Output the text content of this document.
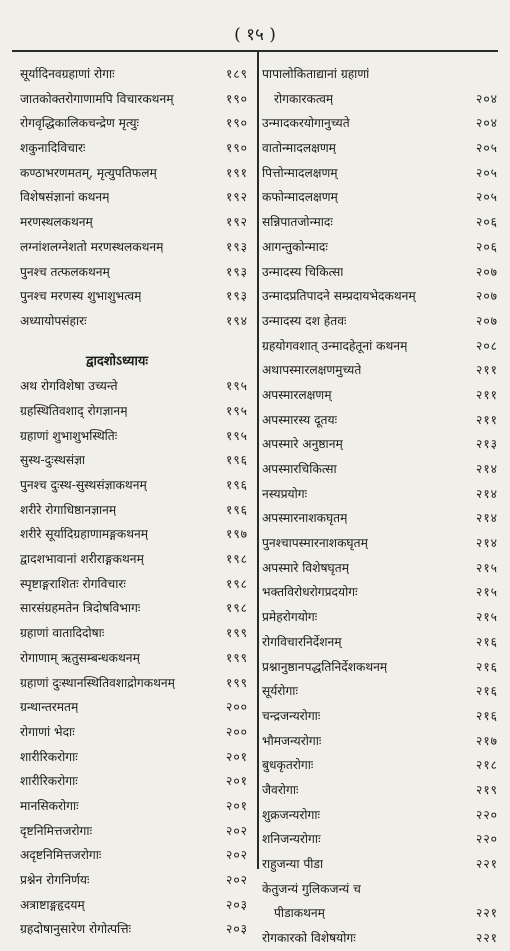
( १५ )
सूर्यादिनवग्रहाणां रोगाः	१८९
जातकोक्तरोगाणामपि विचारकथनम्	१९०
रोगवृद्धिकालिकचन्द्रेण मृत्युः	१९०
शकुनादिविचारः	१९०
कण्ठाभरणमतम्, मृत्युपतिफलम्	१९१
विशेषसंज्ञानां कथनम्	१९२
मरणस्थलकथनम्	१९२
लग्नांशलग्नेशतो मरणस्थलकथनम्	१९३
पुनश्च तत्फलकथनम्	१९३
पुनश्च मरणस्य शुभाशुभत्वम्	१९३
अध्यायोपसंहारः	१९४
द्वादशोऽध्यायः
अथ रोगविशेषा उच्यन्ते	१९५
ग्रहस्थितिवशाद् रोगज्ञानम्	१९५
ग्रहाणां शुभाशुभस्थितिः	१९५
सुस्थ-दुःस्थसंज्ञा	१९६
पुनश्च दुःस्थ-सुस्थसंज्ञाकथनम्	१९६
शरीरे रोगाधिष्ठानज्ञानम्	१९६
शरीरे सूर्यादिग्रहाणामङ्गकथनम्	१९७
द्वादशभावानां शरीराङ्गकथनम्	१९८
स्पृष्टाङ्गराशितः रोगविचारः	१९८
सारसंग्रहमतेन त्रिदोषविभागः	१९८
ग्रहाणां वातादिदोषाः	१९९
रोगाणाम् ऋतुसम्बन्धकथनम्	१९९
ग्रहाणां दुःस्थानस्थितिवशाद्रोगकथनम्	१९९
ग्रन्थान्तरमतम्	२००
रोगाणां भेदाः	२००
शारीरिकरोगाः	२०१
शारीरिकरोगाः	२०१
मानसिकरोगाः	२०१
दृष्टनिमित्तजरोगाः	२०२
अदृष्टनिमित्तजरोगाः	२०२
प्रश्नेन रोगनिर्णयः	२०२
अत्राष्टाङ्गहृदयम्	२०३
ग्रहदोषानुसारेण रोगोत्पत्तिः	२०३
पापालोकिताद्यानां ग्रहाणां
रोगकारकत्वम्	२०४
उन्मादकरयोगानुच्यते	२०४
वातोन्मादलक्षणम्	२०५
पित्तोन्मादलक्षणम्	२०५
कफोन्मादलक्षणम्	२०५
सन्निपातजोन्मादः	२०६
आगन्तुकोन्मादः	२०६
उन्मादस्य चिकित्सा	२०७
उन्मादप्रतिपादने सम्प्रदायभेदकथनम्	२०७
उन्मादस्य दश हेतवः	२०७
ग्रहयोगवशात् उन्मादहेतूनां कथनम्	२०८
अथापस्मारलक्षणमुच्यते	२११
अपस्मारलक्षणम्	२११
अपस्मारस्य दूतयः	२११
अपस्मारे अनुष्ठानम्	२१३
अपस्मारचिकित्सा	२१४
नस्यप्रयोगः	२१४
अपस्मारनाशकघृतम्	२१४
पुनश्चापस्मारनाशकघृतम्	२१४
अपस्मारे विशेषघृतम्	२१५
भक्तविरोधरोगप्रदयोगः	२१५
प्रमेहरोगयोगः	२१५
रोगविचारनिर्देशनम्	२१६
प्रश्नानुष्ठानपद्धतिनिर्देशकथनम्	२१६
सूर्यरोगाः	२१६
चन्द्रजन्यरोगाः	२१६
भौमजन्यरोगाः	२१७
बुधकृतरोगाः	२१८
जैवरोगाः	२१९
शुक्रजन्यरोगाः	२२०
शनिजन्यरोगाः	२२०
राहुजन्या पीडा	२२१
केतुजन्यं गुलिकजन्यं च
पीडाकथनम्	२२१
रोगकारको विशेषयोगः	२२१
